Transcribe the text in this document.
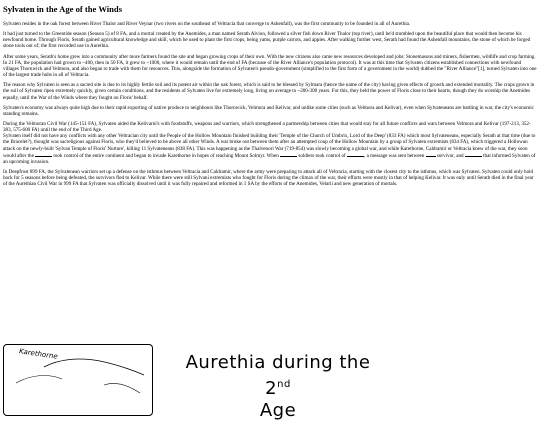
Sylvaten in the Age of the Winds

Sylvaten resides in the oak forest between River Thalor and River Veynar (two rivers on the southeast of Veltracia that converge to Ashenfall), was the first community to be founded in all of Aurethia.

It had just turned to the Greentide season (Season 5) of 8 FA, and a mortal created by the Anemides, a man named Serath Alvion, followed a silver fish down River Thalor (top river), until he'd stumbled upon the beautiful place that would then become his newfound home. Through Floris, Serath gained agricultural knowledge and skill, which he used to plant the first crops, being yams, purple carrots, and apples. After walking further west, Serath had found the Ashenfall mountains, the stone of which he forged stone tools out of; the first recorded use in Aurethia.

After some years, Serath's home grew into a community after more farmers found the site and began growing crops of their own. With the new citizens also came new resources developed and jobs: Stonemasons and miners, fishermen, wildlife and crop farming. In 21 FA, the population had grown to ~400, then in 50 FA, it grew to ~1000, where it would remain until the end of FA (because of the River Alliance's population protocol). It was at this time that Sylvaten citizens established connections with newfound villages Thornwick and Velmora, and also began to trade with them for resources. This, alongside the formation of Sylvaten's pseudo-government (simplified to the first form of a government in the world) dubbed the "River Alliance"[1], turned Sylvaten into one of the largest trade hubs in all of Veltracia.

The reason why Sylvaten is seen as a sacred site is due to its highly fertile soil and its potent air within the oak forest, which is said to be blessed by Sylmara (hence the name of the city) having given effects of growth and extended mortality. The crops grown in the soil of Sylvaten ripen extremely quickly, given certain conditions, and the residents of Sylvaten live for extremely long, living on average to ~200-300 years. For this, they held the power of Floris close to their hearts, though they do worship the Anemides equally, until the War of the Winds where they fought on Floris' behalf.

Sylvaten's economy was always quite high due to their rapid exporting of native produce to neighbours like Thornwick, Velmora and Kelivar, and unlike some cities (such as Velmora and Kelivar), even when Sylvateneans are battling in war, the city's economic standing remains.

During the Velmoran Civil War (145-151 FA), Sylvaten aided the Kelivarni's with foodstuffs, weapons and warriors, which strengthened a partnership between cities that would stay for all future conflicts and wars between Velmora and Kelivar (197-213, 352-383, 575-600 FA) until the end of the Third Age.

Sylvaten itself did not have any conflicts with any other Veltracian city until the People of the Hollow Mountain finished building their 'Temple of the Church of Umbrix, Lord of the Deep' (833 FA) which most Sylvateneans, especially Serath at that time (due to the Bracelet?), thought was sacreligious against Floris, who they'd believed to be above all other Winds. A war broke out between them after an attempted coup of the Hollow Mountain by a group of Sylvaten extremists (834 FA), which triggered a Hollowan attack on the newly-built 'Sylvan Temple of Floris' Nurture', killing 11 Sylvateneans (838 FA). This was happening as the Thalvenori War (719-854) was slowly becoming a global war, and while Karethorne, Caldramir or Veltracia knew of the war, they soon would after the	took control of the entire continent and began to invade Karethorne in hopes of reaching Mount Solmyr. When	soldiers took control of	, a message was sent between survivor, and	that informed Sylvaten of an upcoming invasion.

In Deepfrost 899 FA, the Sylvatenean warriors set up a defense on the isthmus between Veltracia and Caldramir, where the army were preparing to attack all of Veltracia, starting with the closest city to the isthmus, which was Sylvaten. Sylvaten could only hold back for 5 seasons before being defeated, the survivors fled to Kelivar. While there were still Sylvani extremists who fought for Floris during the climax of the war, their efforts were mostly in that of helping Kelivar. It was only until Serath died in the final year of the Aurethian Civil War in 999 FA that Sylvaten was officially dissolved until it was fully repaired and reformed in 1 SA by the efforts of the Anemides, Velarii and new generation of mortals.

Karethorne	Aurethia during the
2nd
Age
